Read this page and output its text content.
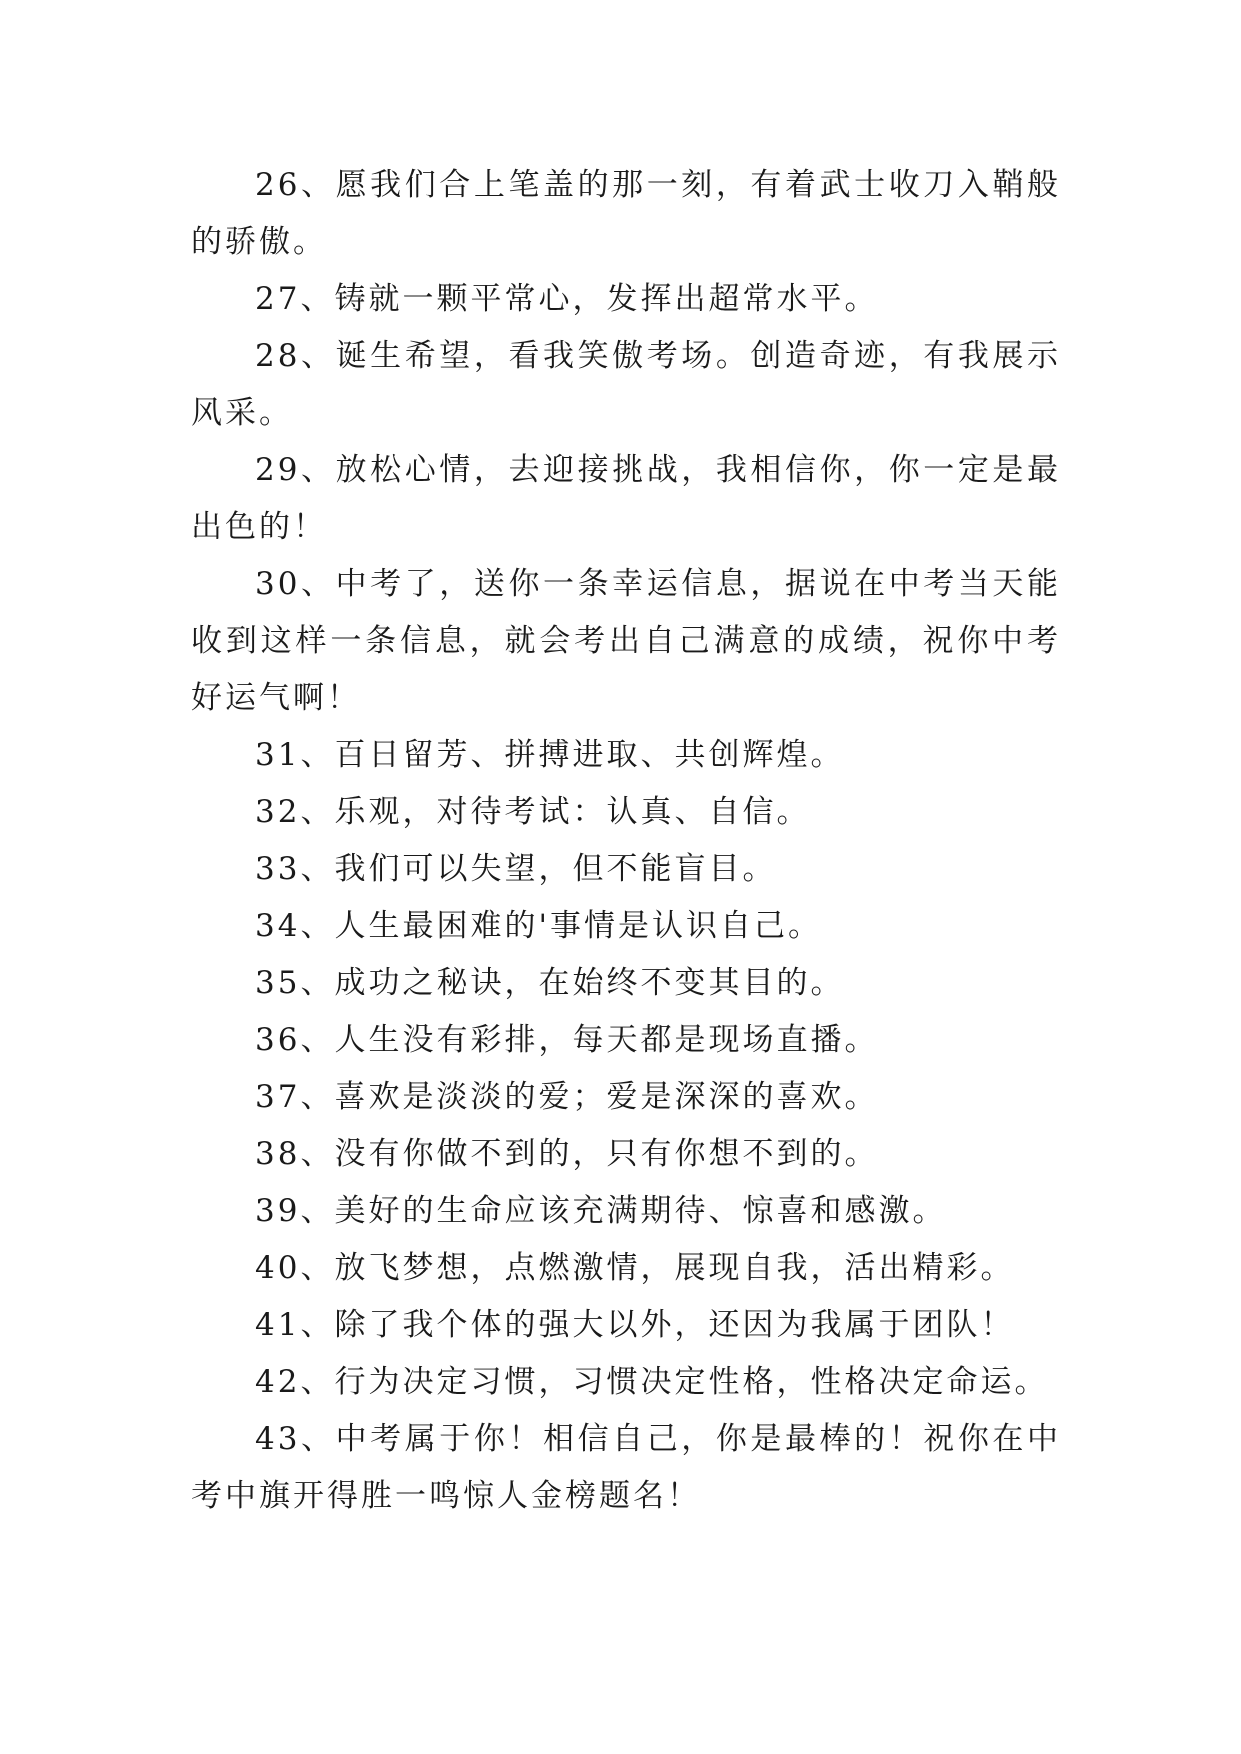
26、愿我们合上笔盖的那一刻，有着武士收刀入鞘般的骄傲。

27、铸就一颗平常心，发挥出超常水平。

28、诞生希望，看我笑傲考场。创造奇迹，有我展示风采。

29、放松心情，去迎接挑战，我相信你，你一定是最出色的！

30、中考了，送你一条幸运信息，据说在中考当天能收到这样一条信息，就会考出自己满意的成绩，祝你中考好运气啊！

31、百日留芳、拼搏进取、共创辉煌。

32、乐观，对待考试：认真、自信。

33、我们可以失望，但不能盲目。

34、人生最困难的'事情是认识自己。

35、成功之秘诀，在始终不变其目的。

36、人生没有彩排，每天都是现场直播。

37、喜欢是淡淡的爱；爱是深深的喜欢。

38、没有你做不到的，只有你想不到的。

39、美好的生命应该充满期待、惊喜和感激。

40、放飞梦想，点燃激情，展现自我，活出精彩。

41、除了我个体的强大以外，还因为我属于团队！

42、行为决定习惯，习惯决定性格，性格决定命运。

43、中考属于你！相信自己，你是最棒的！祝你在中考中旗开得胜一鸣惊人金榜题名！
